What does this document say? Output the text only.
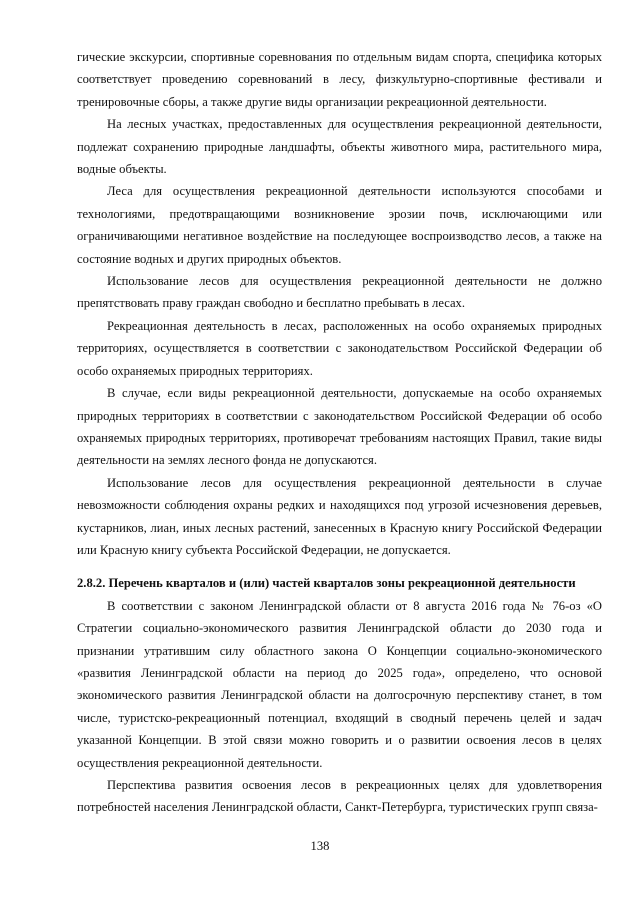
гические экскурсии, спортивные соревнования по отдельным видам спорта, специфика которых соответствует проведению соревнований в лесу, физкультурно-спортивные фестивали и тренировочные сборы, а также другие виды организации рекреационной деятельности.

На лесных участках, предоставленных для осуществления рекреационной деятельности, подлежат сохранению природные ландшафты, объекты животного мира, растительного мира, водные объекты.

Леса для осуществления рекреационной деятельности используются способами и технологиями, предотвращающими возникновение эрозии почв, исключающими или ограничивающими негативное воздействие на последующее воспроизводство лесов, а также на состояние водных и других природных объектов.

Использование лесов для осуществления рекреационной деятельности не должно препятствовать праву граждан свободно и бесплатно пребывать в лесах.

Рекреационная деятельность в лесах, расположенных на особо охраняемых природных территориях, осуществляется в соответствии с законодательством Российской Федерации об особо охраняемых природных территориях.

В случае, если виды рекреационной деятельности, допускаемые на особо охраняемых природных территориях в соответствии с законодательством Российской Федерации об особо охраняемых природных территориях, противоречат требованиям настоящих Правил, такие виды деятельности на землях лесного фонда не допускаются.

Использование лесов для осуществления рекреационной деятельности в случае невозможности соблюдения охраны редких и находящихся под угрозой исчезновения деревьев, кустарников, лиан, иных лесных растений, занесенных в Красную книгу Российской Федерации или Красную книгу субъекта Российской Федерации, не допускается.

2.8.2. Перечень кварталов и (или) частей кварталов зоны рекреационной деятельности

В соответствии с законом Ленинградской области от 8 августа 2016 года № 76-оз «О Стратегии социально-экономического развития Ленинградской области до 2030 года и признании утратившим силу областного закона О Концепции социально-экономического «развития Ленинградской области на период до 2025 года», определено, что основой экономического развития Ленинградской области на долгосрочную перспективу станет, в том числе, туристско-рекреационный потенциал, входящий в сводный перечень целей и задач указанной Концепции. В этой связи можно говорить и о развитии освоения лесов в целях осуществления рекреационной деятельности.

Перспектива развития освоения лесов в рекреационных целях для удовлетворения потребностей населения Ленинградской области, Санкт-Петербурга, туристических групп связа-

138
